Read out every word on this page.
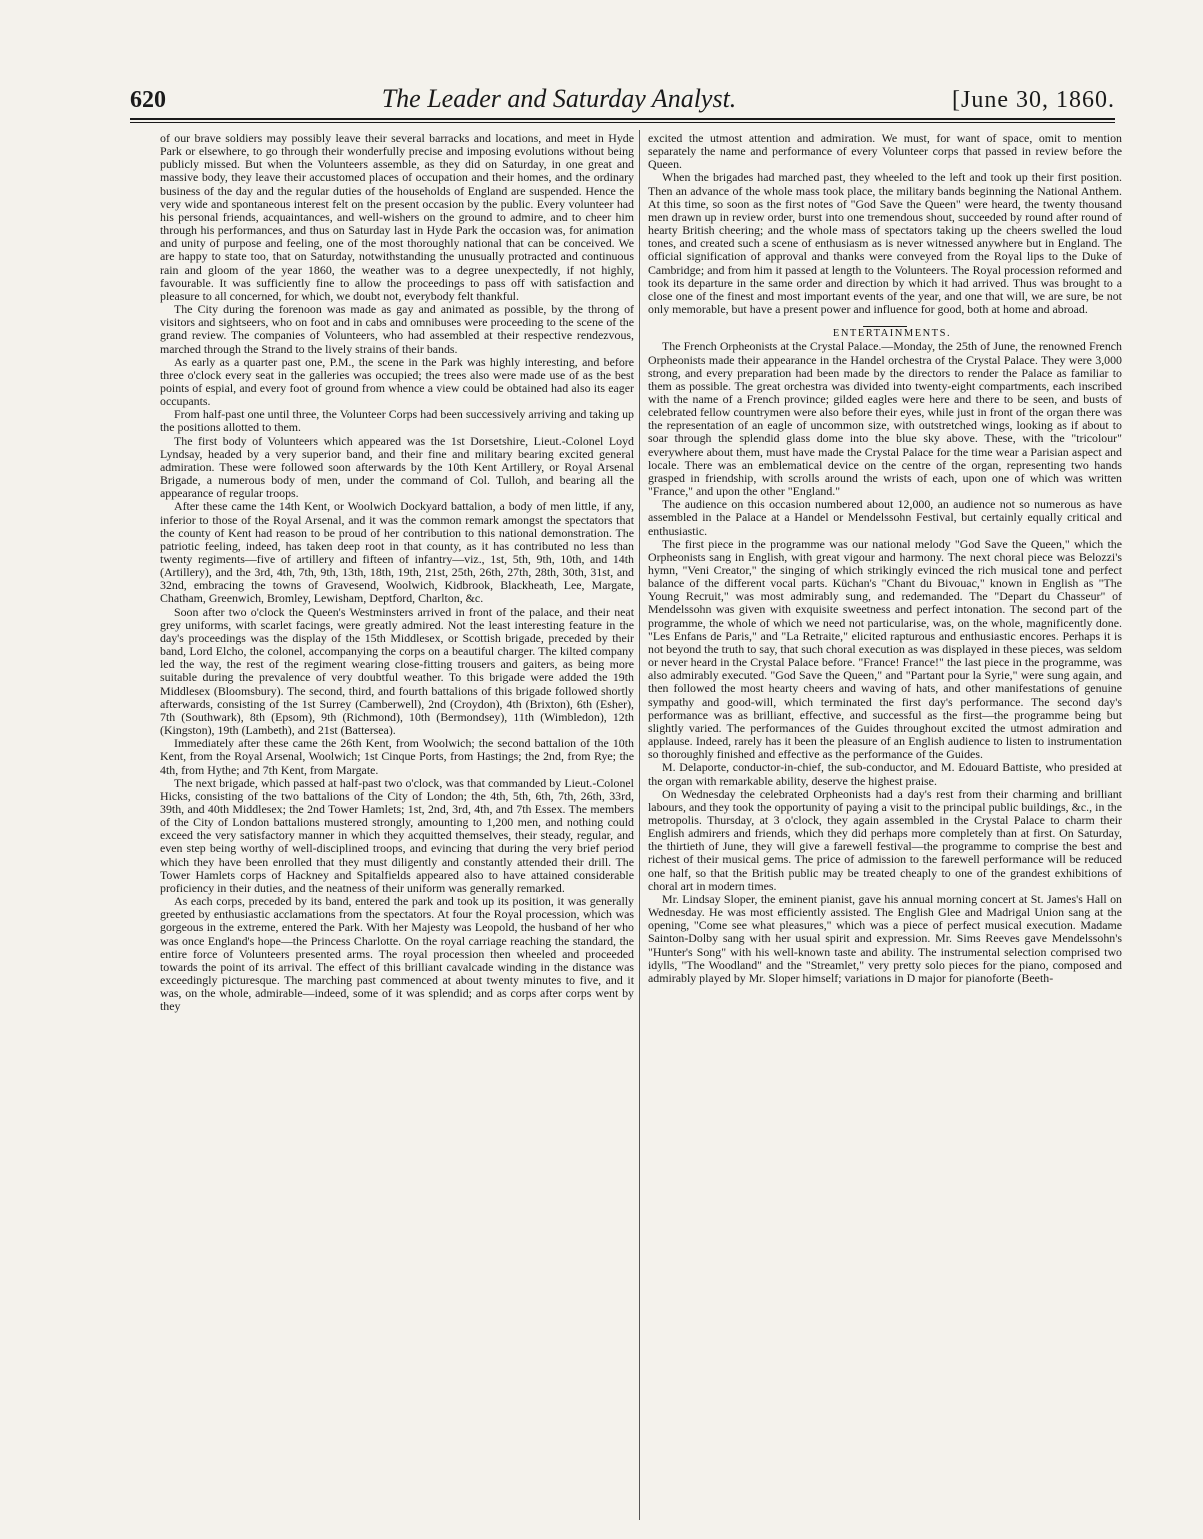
620	The Leader and Saturday Analyst.	[June 30, 1860.

of our brave soldiers may possibly leave their several barracks and locations, and meet in Hyde Park or elsewhere, to go through their wonderfully precise and imposing evolutions without being publicly missed. But when the Volunteers assemble, as they did on Saturday, in one great and massive body, they leave their accustomed places of occupation and their homes, and the ordinary business of the day and the regular duties of the households of England are suspended. Hence the very wide and spontaneous interest felt on the present occasion by the public. Every volunteer had his personal friends, acquaintances, and well-wishers on the ground to admire, and to cheer him through his performances, and thus on Saturday last in Hyde Park the occasion was, for animation and unity of purpose and feeling, one of the most thoroughly national that can be conceived. We are happy to state too, that on Saturday, notwithstanding the unusually protracted and continuous rain and gloom of the year 1860, the weather was to a degree unexpectedly, if not highly, favourable. It was sufficiently fine to allow the proceedings to pass off with satisfaction and pleasure to all concerned, for which, we doubt not, everybody felt thankful.

The City during the forenoon was made as gay and animated as possible, by the throng of visitors and sightseers, who on foot and in cabs and omnibuses were proceeding to the scene of the grand review. The companies of Volunteers, who had assembled at their respective rendezvous, marched through the Strand to the lively strains of their bands.

As early as a quarter past one, P.M., the scene in the Park was highly interesting, and before three o'clock every seat in the galleries was occupied; the trees also were made use of as the best points of espial, and every foot of ground from whence a view could be obtained had also its eager occupants.

From half-past one until three, the Volunteer Corps had been successively arriving and taking up the positions allotted to them.

The first body of Volunteers which appeared was the 1st Dorsetshire, Lieut.-Colonel Loyd Lyndsay, headed by a very superior band, and their fine and military bearing excited general admiration. These were followed soon afterwards by the 10th Kent Artillery, or Royal Arsenal Brigade, a numerous body of men, under the command of Col. Tulloh, and bearing all the appearance of regular troops.

After these came the 14th Kent, or Woolwich Dockyard battalion, a body of men little, if any, inferior to those of the Royal Arsenal, and it was the common remark amongst the spectators that the county of Kent had reason to be proud of her contribution to this national demonstration. The patriotic feeling, indeed, has taken deep root in that county, as it has contributed no less than twenty regiments—five of artillery and fifteen of infantry—viz., 1st, 5th, 9th, 10th, and 14th (Artillery), and the 3rd, 4th, 7th, 9th, 13th, 18th, 19th, 21st, 25th, 26th, 27th, 28th, 30th, 31st, and 32nd, embracing the towns of Gravesend, Woolwich, Kidbrook, Blackheath, Lee, Margate, Chatham, Greenwich, Bromley, Lewisham, Deptford, Charlton, &c.

Soon after two o'clock the Queen's Westminsters arrived in front of the palace, and their neat grey uniforms, with scarlet facings, were greatly admired. Not the least interesting feature in the day's proceedings was the display of the 15th Middlesex, or Scottish brigade, preceded by their band, Lord Elcho, the colonel, accompanying the corps on a beautiful charger. The kilted company led the way, the rest of the regiment wearing close-fitting trousers and gaiters, as being more suitable during the prevalence of very doubtful weather. To this brigade were added the 19th Middlesex (Bloomsbury). The second, third, and fourth battalions of this brigade followed shortly afterwards, consisting of the 1st Surrey (Camberwell), 2nd (Croydon), 4th (Brixton), 6th (Esher), 7th (Southwark), 8th (Epsom), 9th (Richmond), 10th (Bermondsey), 11th (Wimbledon), 12th (Kingston), 19th (Lambeth), and 21st (Battersea).

Immediately after these came the 26th Kent, from Woolwich; the second battalion of the 10th Kent, from the Royal Arsenal, Woolwich; 1st Cinque Ports, from Hastings; the 2nd, from Rye; the 4th, from Hythe; and 7th Kent, from Margate.

The next brigade, which passed at half-past two o'clock, was that commanded by Lieut.-Colonel Hicks, consisting of the two battalions of the City of London; the 4th, 5th, 6th, 7th, 26th, 33rd, 39th, and 40th Middlesex; the 2nd Tower Hamlets; 1st, 2nd, 3rd, 4th, and 7th Essex. The members of the City of London battalions mustered strongly, amounting to 1,200 men, and nothing could exceed the very satisfactory manner in which they acquitted themselves, their steady, regular, and even step being worthy of well-disciplined troops, and evincing that during the very brief period which they have been enrolled that they must diligently and constantly attended their drill. The Tower Hamlets corps of Hackney and Spitalfields appeared also to have attained considerable proficiency in their duties, and the neatness of their uniform was generally remarked.

As each corps, preceded by its band, entered the park and took up its position, it was generally greeted by enthusiastic acclamations from the spectators. At four the Royal procession, which was gorgeous in the extreme, entered the Park. With her Majesty was Leopold, the husband of her who was once England's hope—the Princess Charlotte. On the royal carriage reaching the standard, the entire force of Volunteers presented arms. The royal procession then wheeled and proceeded towards the point of its arrival. The effect of this brilliant cavalcade winding in the distance was exceedingly picturesque. The marching past commenced at about twenty minutes to five, and it was, on the whole, admirable—indeed, some of it was splendid; and as corps after corps went by they

excited the utmost attention and admiration. We must, for want of space, omit to mention separately the name and performance of every Volunteer corps that passed in review before the Queen.

When the brigades had marched past, they wheeled to the left and took up their first position. Then an advance of the whole mass took place, the military bands beginning the National Anthem. At this time, so soon as the first notes of "God Save the Queen" were heard, the twenty thousand men drawn up in review order, burst into one tremendous shout, succeeded by round after round of hearty British cheering; and the whole mass of spectators taking up the cheers swelled the loud tones, and created such a scene of enthusiasm as is never witnessed anywhere but in England. The official signification of approval and thanks were conveyed from the Royal lips to the Duke of Cambridge; and from him it passed at length to the Volunteers. The Royal procession reformed and took its departure in the same order and direction by which it had arrived. Thus was brought to a close one of the finest and most important events of the year, and one that will, we are sure, be not only memorable, but have a present power and influence for good, both at home and abroad.

ENTERTAINMENTS.

The French Orpheonists at the Crystal Palace.—Monday, the 25th of June, the renowned French Orpheonists made their appearance in the Handel orchestra of the Crystal Palace. They were 3,000 strong, and every preparation had been made by the directors to render the Palace as familiar to them as possible. The great orchestra was divided into twenty-eight compartments, each inscribed with the name of a French province; gilded eagles were here and there to be seen, and busts of celebrated fellow countrymen were also before their eyes, while just in front of the organ there was the representation of an eagle of uncommon size, with outstretched wings, looking as if about to soar through the splendid glass dome into the blue sky above. These, with the "tricolour" everywhere about them, must have made the Crystal Palace for the time wear a Parisian aspect and locale. There was an emblematical device on the centre of the organ, representing two hands grasped in friendship, with scrolls around the wrists of each, upon one of which was written "France," and upon the other "England."

The audience on this occasion numbered about 12,000, an audience not so numerous as have assembled in the Palace at a Handel or Mendelssohn Festival, but certainly equally critical and enthusiastic.

The first piece in the programme was our national melody "God Save the Queen," which the Orpheonists sang in English, with great vigour and harmony. The next choral piece was Belozzi's hymn, "Veni Creator," the singing of which strikingly evinced the rich musical tone and perfect balance of the different vocal parts. Küchan's "Chant du Bivouac," known in English as "The Young Recruit," was most admirably sung, and redemanded. The "Depart du Chasseur" of Mendelssohn was given with exquisite sweetness and perfect intonation. The second part of the programme, the whole of which we need not particularise, was, on the whole, magnificently done. "Les Enfans de Paris," and "La Retraite," elicited rapturous and enthusiastic encores. Perhaps it is not beyond the truth to say, that such choral execution as was displayed in these pieces, was seldom or never heard in the Crystal Palace before. "France! France!" the last piece in the programme, was also admirably executed. "God Save the Queen," and "Partant pour la Syrie," were sung again, and then followed the most hearty cheers and waving of hats, and other manifestations of genuine sympathy and good-will, which terminated the first day's performance. The second day's performance was as brilliant, effective, and successful as the first—the programme being but slightly varied. The performances of the Guides throughout excited the utmost admiration and applause. Indeed, rarely has it been the pleasure of an English audience to listen to instrumentation so thoroughly finished and effective as the performance of the Guides.

M. Delaporte, conductor-in-chief, the sub-conductor, and M. Edouard Battiste, who presided at the organ with remarkable ability, deserve the highest praise.

On Wednesday the celebrated Orpheonists had a day's rest from their charming and brilliant labours, and they took the opportunity of paying a visit to the principal public buildings, &c., in the metropolis. Thursday, at 3 o'clock, they again assembled in the Crystal Palace to charm their English admirers and friends, which they did perhaps more completely than at first. On Saturday, the thirtieth of June, they will give a farewell festival—the programme to comprise the best and richest of their musical gems. The price of admission to the farewell performance will be reduced one half, so that the British public may be treated cheaply to one of the grandest exhibitions of choral art in modern times.

Mr. Lindsay Sloper, the eminent pianist, gave his annual morning concert at St. James's Hall on Wednesday. He was most efficiently assisted. The English Glee and Madrigal Union sang at the opening, "Come see what pleasures," which was a piece of perfect musical execution. Madame Sainton-Dolby sang with her usual spirit and expression. Mr. Sims Reeves gave Mendelssohn's "Hunter's Song" with his well-known taste and ability. The instrumental selection comprised two idylls, "The Woodland" and the "Streamlet," very pretty solo pieces for the piano, composed and admirably played by Mr. Sloper himself; variations in D major for pianoforte (Beeth-
